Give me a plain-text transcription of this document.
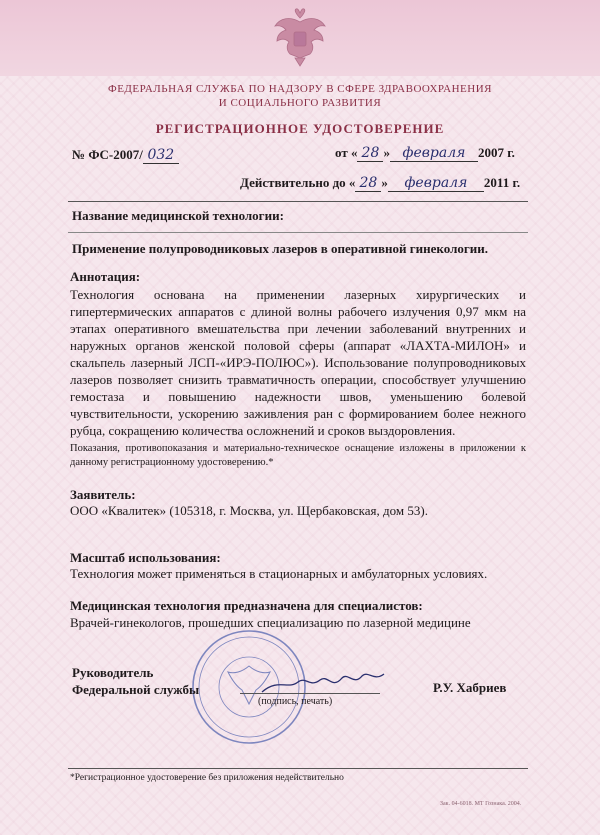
ФЕДЕРАЛЬНАЯ СЛУЖБА ПО НАДЗОРУ В СФЕРЕ ЗДРАВООХРАНЕНИЯ
И СОЦИАЛЬНОГО РАЗВИТИЯ
РЕГИСТРАЦИОННОЕ УДОСТОВЕРЕНИЕ
№ ФС-2007/ 032	от « 28 » февраля 2007 г.
Действительно до « 28 » февраля 2011 г.
Название медицинской технологии:
Применение полупроводниковых лазеров в оперативной гинекологии.
Аннотация:
Технология основана на применении лазерных хирургических и гипертермических аппаратов с длиной волны рабочего излучения 0,97 мкм на этапах оперативного вмешательства при лечении заболеваний внутренних и наружных органов женской половой сферы (аппарат «ЛАХТА-МИЛОН» и скальпель лазерный ЛСП-«ИРЭ-ПОЛЮС»). Использование полупроводниковых лазеров позволяет снизить травматичность операции, способствует улучшению гемостаза и повышению надежности швов, уменьшению болевой чувствительности, ускорению заживления ран с формированием более нежного рубца, сокращению количества осложнений и сроков выздоровления.
Показания, противопоказания и материально-техническое оснащение изложены в приложении к данному регистрационному удостоверению.*
Заявитель:
ООО «Квалитек» (105318, г. Москва, ул. Щербаковская, дом 53).
Масштаб использования:
Технология может применяться в стационарных и амбулаторных условиях.
Медицинская технология предназначена для специалистов:
Врачей-гинекологов, прошедших специализацию по лазерной медицине
Руководитель
Федеральной службы
(подпись, печать)
Р.У. Хабриев
*Регистрационное удостоверение без приложения недействительно
Зак. 04-6018. МТ Гознака. 2004.
